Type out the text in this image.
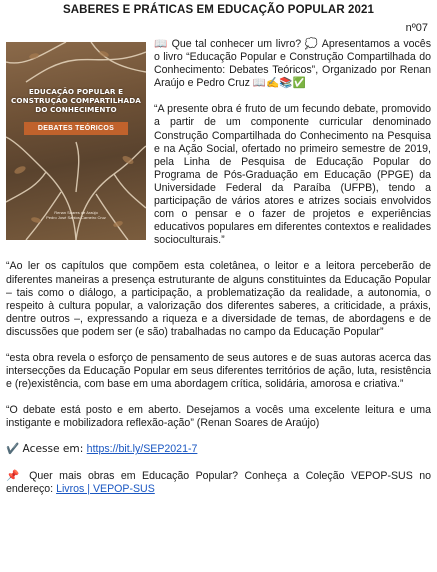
SABERES E PRÁTICAS EM EDUCAÇÃO POPULAR 2021
nº07
EDUCAÇÃO POPULAR E
CONSTRUÇÃO COMPARTILHADA
DO CONHECIMENTO
DEBATES TEÓRICOS
Renan Soares de Araújo
Pedro José Santos Carneiro Cruz

📖 Que tal conhecer um livro? 💭 Apresentamos a vocês o livro “Educação Popular e Construção Compartilhada do Conhecimento: Debates Teóricos”, Organizado por Renan Araújo e Pedro Cruz 📖✍📚✅

“A presente obra é fruto de um fecundo debate, promovido a partir de um componente curricular denominado Construção Compartilhada do Conhecimento na Pesquisa e na Ação Social, ofertado no primeiro semestre de 2019, pela Linha de Pesquisa de Educação Popular do Programa de Pós-Graduação em Educação (PPGE) da Universidade Federal da Paraíba (UFPB), tendo a participação de vários atores e atrizes sociais envolvidos com o pensar e o fazer de projetos e experiências educativos populares em diferentes contextos e realidades socioculturais.”

“Ao ler os capítulos que compõem esta coletânea, o leitor e a leitora perceberão de diferentes maneiras a presença estruturante de alguns constituintes da Educação Popular – tais como o diálogo, a participação, a problematização da realidade, a autonomia, o respeito à cultura popular, a valorização dos diferentes saberes, a criticidade, a práxis, dentre outros –, expressando a riqueza e a diversidade de temas, de abordagens e de discussões que podem ser (e são) trabalhadas no campo da Educação Popular”

“esta obra revela o esforço de pensamento de seus autores e de suas autoras acerca das intersecções da Educação Popular em seus diferentes territórios de ação, luta, resistência e (re)existência, com base em uma abordagem crítica, solidária, amorosa e criativa.”

“O debate está posto e em aberto. Desejamos a vocês uma excelente leitura e uma instigante e mobilizadora reflexão-ação” (Renan Soares de Araújo)

✔️ Acesse em: https://bit.ly/SEP2021-7

📌 Quer mais obras em Educação Popular? Conheça a Coleção VEPOP-SUS no endereço: Livros | VEPOP-SUS
